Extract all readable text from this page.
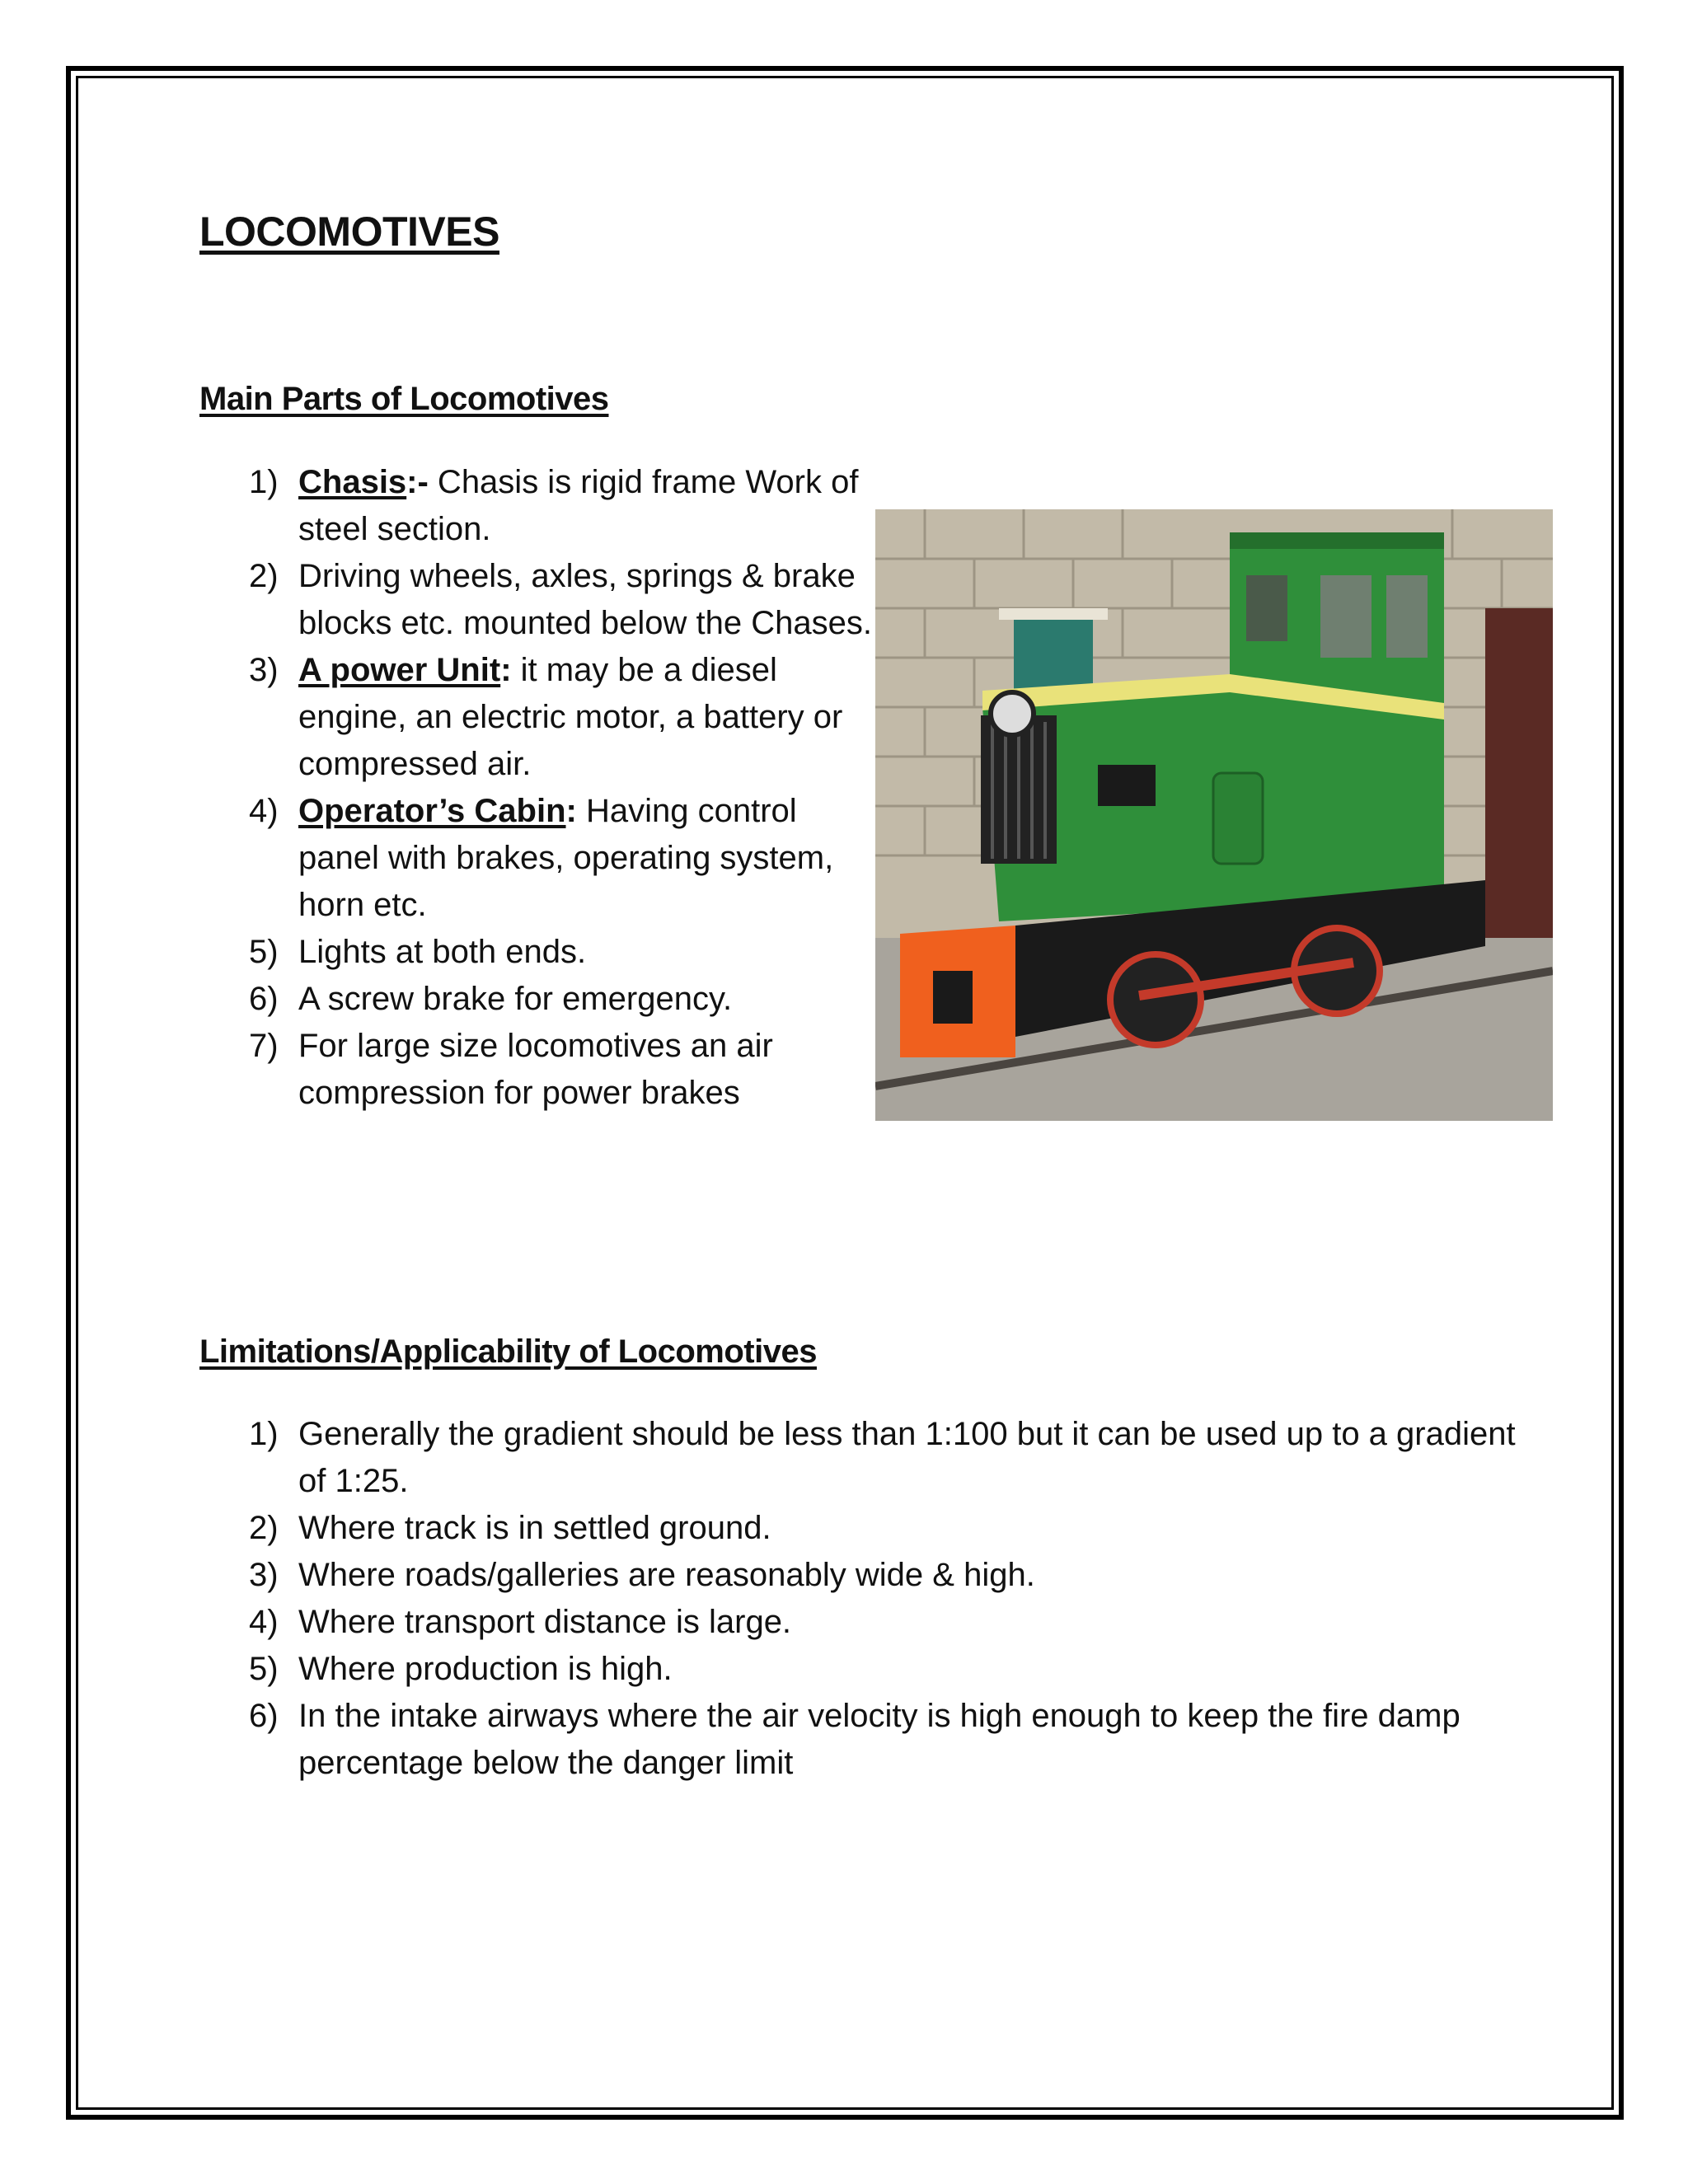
LOCOMOTIVES
Main Parts of Locomotives
1) Chasis:- Chasis is rigid frame Work of steel section.
2) Driving wheels, axles, springs & brake blocks etc. mounted below the Chases.
3) A power Unit: it may be a diesel engine, an electric motor, a battery or compressed air.
4) Operator’s Cabin: Having control panel with brakes, operating system, horn etc.
5) Lights at both ends.
6) A screw brake for emergency.
7) For large size locomotives an air compression for power brakes
Limitations/Applicability of Locomotives
1) Generally the gradient should be less than 1:100 but it can be used up to a gradient of 1:25.
2) Where track is in settled ground.
3) Where roads/galleries are reasonably wide & high.
4) Where transport distance is large.
5) Where production is high.
6) In the intake airways where the air velocity is high enough to keep the fire damp percentage below the danger limit
